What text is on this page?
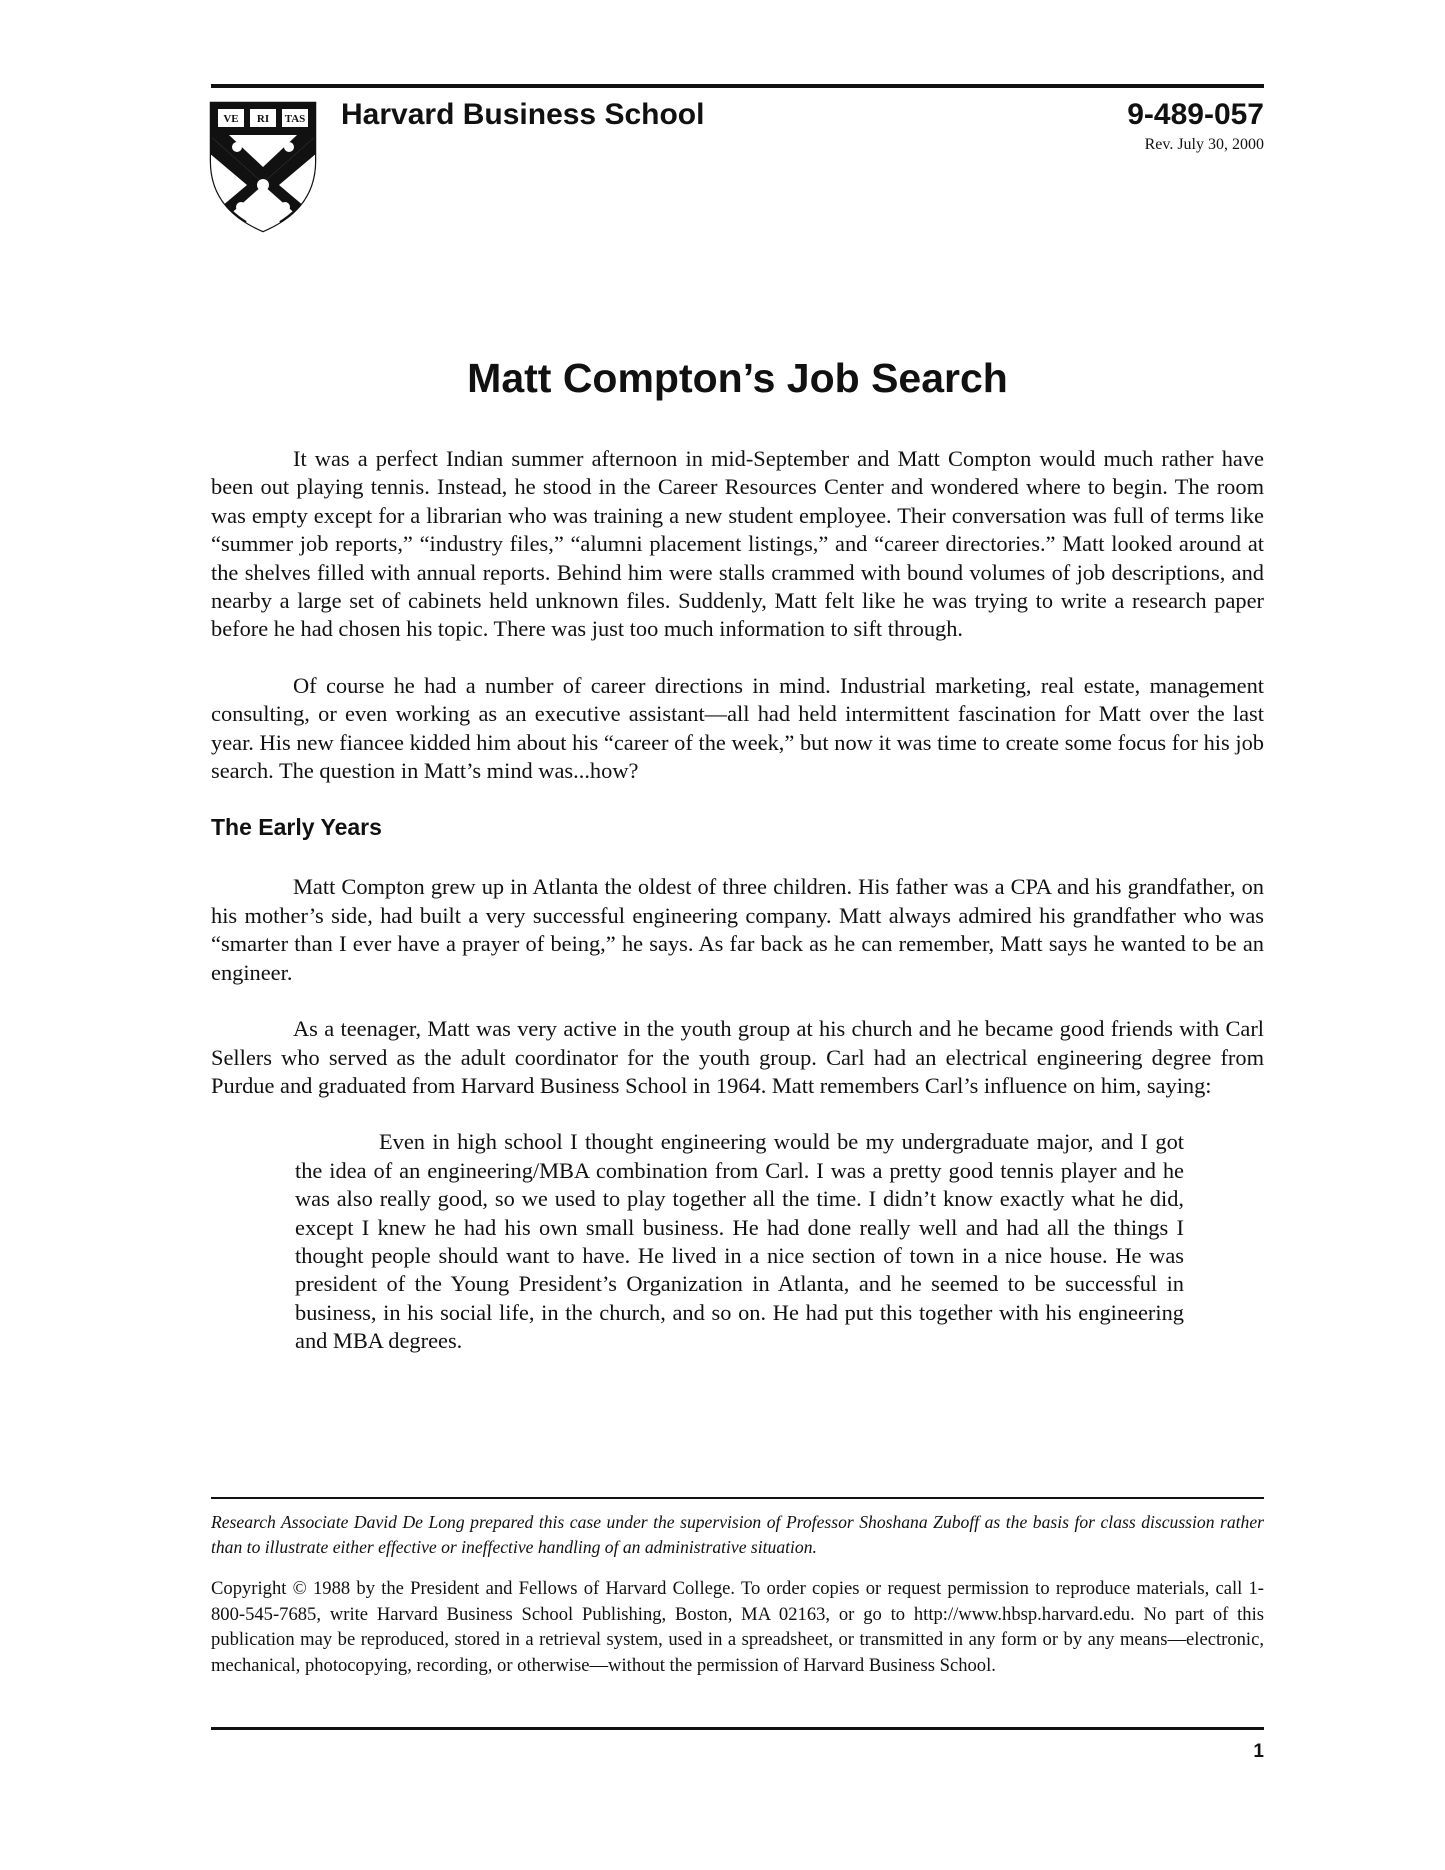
VE RI TAS Harvard Business School	9-489-057
Rev. July 30, 2000
Matt Compton’s Job Search

It was a perfect Indian summer afternoon in mid-September and Matt Compton would much rather have been out playing tennis. Instead, he stood in the Career Resources Center and wondered where to begin. The room was empty except for a librarian who was training a new student employee. Their conversation was full of terms like “summer job reports,” “industry files,” “alumni placement listings,” and “career directories.” Matt looked around at the shelves filled with annual reports. Behind him were stalls crammed with bound volumes of job descriptions, and nearby a large set of cabinets held unknown files. Suddenly, Matt felt like he was trying to write a research paper before he had chosen his topic. There was just too much information to sift through.

Of course he had a number of career directions in mind. Industrial marketing, real estate, management consulting, or even working as an executive assistant—all had held intermittent fascination for Matt over the last year. His new fiancee kidded him about his “career of the week,” but now it was time to create some focus for his job search. The question in Matt’s mind was...how?

The Early Years

Matt Compton grew up in Atlanta the oldest of three children. His father was a CPA and his grandfather, on his mother’s side, had built a very successful engineering company. Matt always admired his grandfather who was “smarter than I ever have a prayer of being,” he says. As far back as he can remember, Matt says he wanted to be an engineer.

As a teenager, Matt was very active in the youth group at his church and he became good friends with Carl Sellers who served as the adult coordinator for the youth group. Carl had an electrical engineering degree from Purdue and graduated from Harvard Business School in 1964. Matt remembers Carl’s influence on him, saying:

Even in high school I thought engineering would be my undergraduate major, and I got the idea of an engineering/MBA combination from Carl. I was a pretty good tennis player and he was also really good, so we used to play together all the time. I didn’t know exactly what he did, except I knew he had his own small business. He had done really well and had all the things I thought people should want to have. He lived in a nice section of town in a nice house. He was president of the Young President’s Organization in Atlanta, and he seemed to be successful in business, in his social life, in the church, and so on. He had put this together with his engineering and MBA degrees.
Research Associate David De Long prepared this case under the supervision of Professor Shoshana Zuboff as the basis for class discussion rather than to illustrate either effective or ineffective handling of an administrative situation.
Copyright © 1988 by the President and Fellows of Harvard College. To order copies or request permission to reproduce materials, call 1-800-545-7685, write Harvard Business School Publishing, Boston, MA 02163, or go to http://www.hbsp.harvard.edu. No part of this publication may be reproduced, stored in a retrieval system, used in a spreadsheet, or transmitted in any form or by any means—electronic, mechanical, photocopying, recording, or otherwise—without the permission of Harvard Business School.
1
